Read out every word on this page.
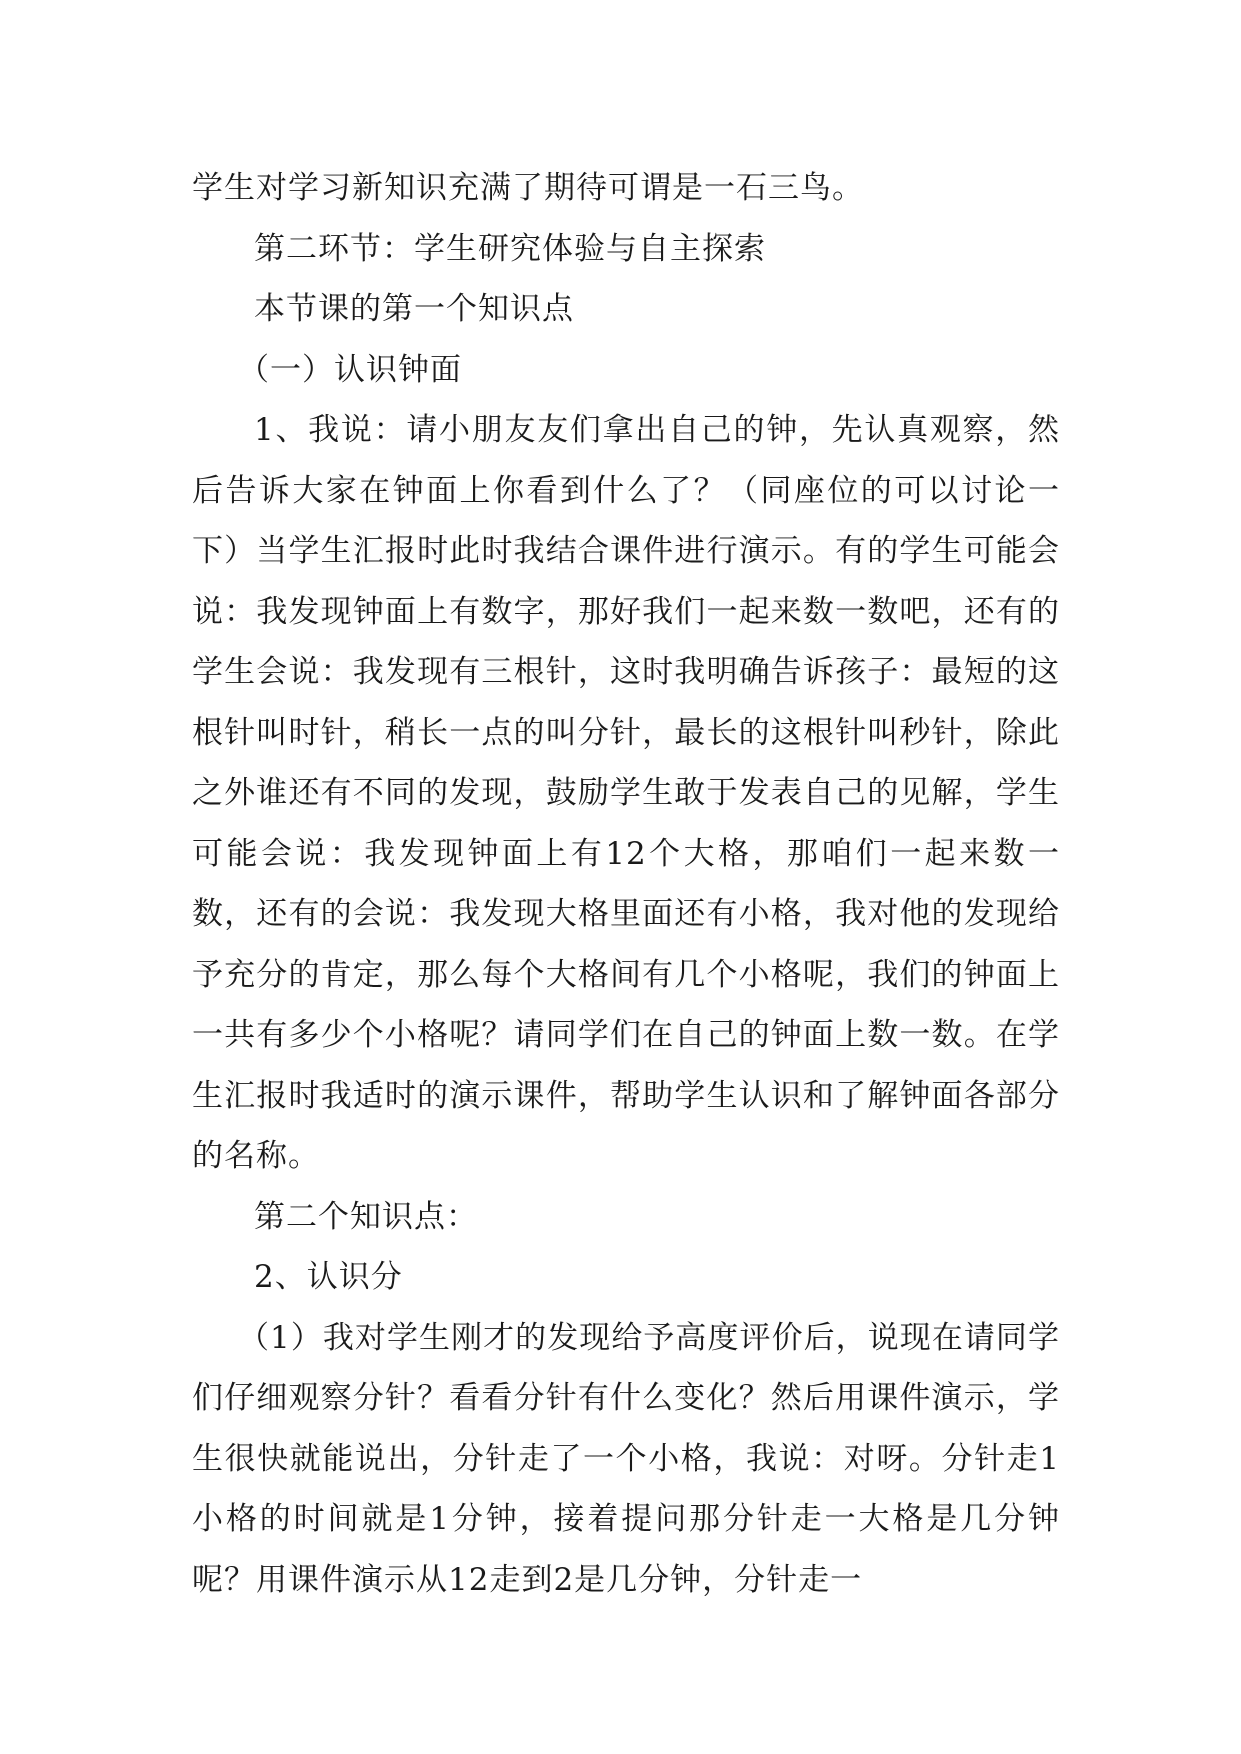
学生对学习新知识充满了期待可谓是一石三鸟。

第二环节：学生研究体验与自主探索

本节课的第一个知识点

（一）认识钟面

1、我说：请小朋友友们拿出自己的钟，先认真观察，然后告诉大家在钟面上你看到什么了？（同座位的可以讨论一下）当学生汇报时此时我结合课件进行演示。有的学生可能会说：我发现钟面上有数字，那好我们一起来数一数吧，还有的学生会说：我发现有三根针，这时我明确告诉孩子：最短的这根针叫时针，稍长一点的叫分针，最长的这根针叫秒针，除此之外谁还有不同的发现，鼓励学生敢于发表自己的见解，学生可能会说：我发现钟面上有12个大格，那咱们一起来数一数，还有的会说：我发现大格里面还有小格，我对他的发现给予充分的肯定，那么每个大格间有几个小格呢，我们的钟面上一共有多少个小格呢？请同学们在自己的钟面上数一数。在学生汇报时我适时的演示课件，帮助学生认识和了解钟面各部分的名称。

第二个知识点：

2、认识分

（1）我对学生刚才的发现给予高度评价后，说现在请同学们仔细观察分针？看看分针有什么变化？然后用课件演示，学生很快就能说出，分针走了一个小格，我说：对呀。分针走1小格的时间就是1分钟，接着提问那分针走一大格是几分钟呢？用课件演示从12走到2是几分钟，分针走一
